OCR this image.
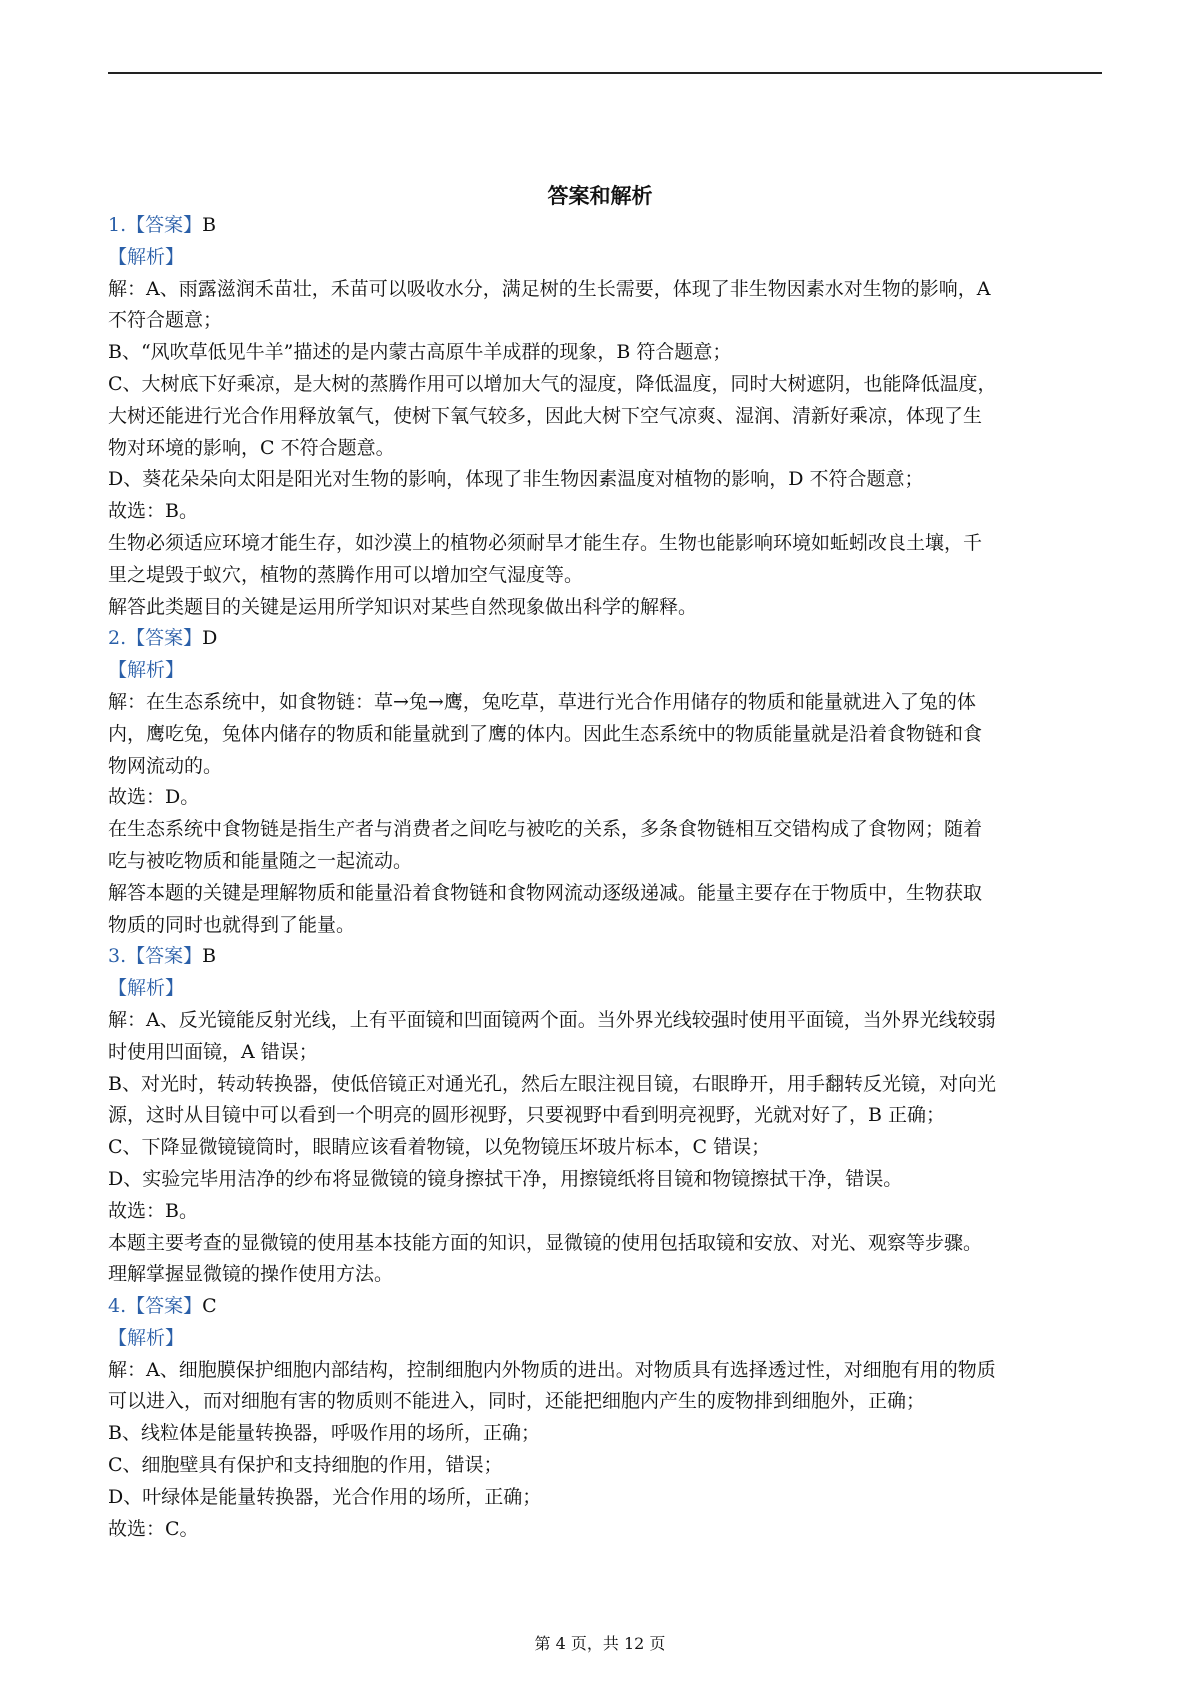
答案和解析
1.【答案】B
【解析】
解：A、雨露滋润禾苗壮，禾苗可以吸收水分，满足树的生长需要，体现了非生物因素水对生物的影响，A
不符合题意；
B、“风吹草低见牛羊”描述的是内蒙古高原牛羊成群的现象，B 符合题意；
C、大树底下好乘凉，是大树的蒸腾作用可以增加大气的湿度，降低温度，同时大树遮阴，也能降低温度，
大树还能进行光合作用释放氧气，使树下氧气较多，因此大树下空气凉爽、湿润、清新好乘凉，体现了生
物对环境的影响，C 不符合题意。
D、葵花朵朵向太阳是阳光对生物的影响，体现了非生物因素温度对植物的影响，D 不符合题意；
故选：B。
生物必须适应环境才能生存，如沙漠上的植物必须耐旱才能生存。生物也能影响环境如蚯蚓改良土壤，千
里之堤毁于蚁穴，植物的蒸腾作用可以增加空气湿度等。
解答此类题目的关键是运用所学知识对某些自然现象做出科学的解释。
2.【答案】D
【解析】
解：在生态系统中，如食物链：草→兔→鹰，兔吃草，草进行光合作用储存的物质和能量就进入了兔的体
内，鹰吃兔，兔体内储存的物质和能量就到了鹰的体内。因此生态系统中的物质能量就是沿着食物链和食
物网流动的。
故选：D。
在生态系统中食物链是指生产者与消费者之间吃与被吃的关系，多条食物链相互交错构成了食物网；随着
吃与被吃物质和能量随之一起流动。
解答本题的关键是理解物质和能量沿着食物链和食物网流动逐级递减。能量主要存在于物质中，生物获取
物质的同时也就得到了能量。
3.【答案】B
【解析】
解：A、反光镜能反射光线，上有平面镜和凹面镜两个面。当外界光线较强时使用平面镜，当外界光线较弱
时使用凹面镜，A 错误；
B、对光时，转动转换器，使低倍镜正对通光孔，然后左眼注视目镜，右眼睁开，用手翻转反光镜，对向光
源，这时从目镜中可以看到一个明亮的圆形视野，只要视野中看到明亮视野，光就对好了，B 正确；
C、下降显微镜镜筒时，眼睛应该看着物镜，以免物镜压坏玻片标本，C 错误；
D、实验完毕用洁净的纱布将显微镜的镜身擦拭干净，用擦镜纸将目镜和物镜擦拭干净，错误。
故选：B。
本题主要考查的显微镜的使用基本技能方面的知识，显微镜的使用包括取镜和安放、对光、观察等步骤。
理解掌握显微镜的操作使用方法。
4.【答案】C
【解析】
解：A、细胞膜保护细胞内部结构，控制细胞内外物质的进出。对物质具有选择透过性，对细胞有用的物质
可以进入，而对细胞有害的物质则不能进入，同时，还能把细胞内产生的废物排到细胞外，正确；
B、线粒体是能量转换器，呼吸作用的场所，正确；
C、细胞壁具有保护和支持细胞的作用，错误；
D、叶绿体是能量转换器，光合作用的场所，正确；
故选：C。
第 4 页，共 12 页
